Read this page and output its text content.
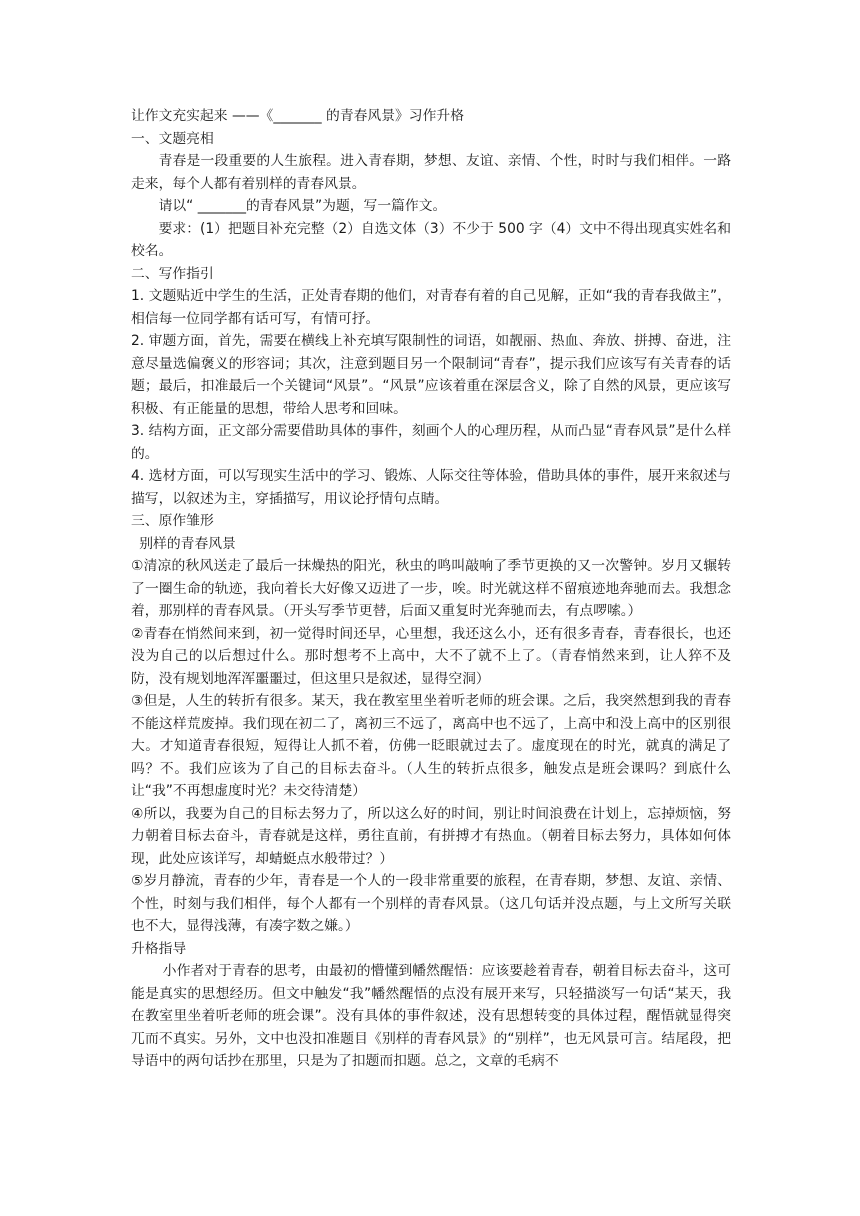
让作文充实起来 ——《_______ 的青春风景》习作升格

一、文题亮相

青春是一段重要的人生旅程。进入青春期，梦想、友谊、亲情、个性，时时与我们相伴。一路走来，每个人都有着别样的青春风景。

请以“ _______的青春风景”为题，写一篇作文。

要求：(1）把题目补充完整（2）自选文体（3）不少于 500 字（4）文中不得出现真实姓名和校名。

二、写作指引

1. 文题贴近中学生的生活，正处青春期的他们，对青春有着的自己见解，正如“我的青春我做主”，相信每一位同学都有话可写，有情可抒。

2. 审题方面，首先，需要在横线上补充填写限制性的词语，如靓丽、热血、奔放、拼搏、奋进，注意尽量选偏褒义的形容词；其次，注意到题目另一个限制词“青春”，提示我们应该写有关青春的话题；最后，扣准最后一个关键词“风景”。“风景”应该着重在深层含义，除了自然的风景，更应该写积极、有正能量的思想，带给人思考和回味。

3. 结构方面，正文部分需要借助具体的事件，刻画个人的心理历程，从而凸显“青春风景”是什么样的。

4. 选材方面，可以写现实生活中的学习、锻炼、人际交往等体验，借助具体的事件，展开来叙述与描写，以叙述为主，穿插描写，用议论抒情句点睛。

三、原作雏形

别样的青春风景

①清凉的秋风送走了最后一抹燥热的阳光，秋虫的鸣叫敲响了季节更换的又一次警钟。岁月又辗转了一圈生命的轨迹，我向着长大好像又迈进了一步，唉。时光就这样不留痕迹地奔驰而去。我想念着，那别样的青春风景。（开头写季节更替，后面又重复时光奔驰而去，有点啰嗦。）

②青春在悄然间来到，初一觉得时间还早，心里想，我还这么小，还有很多青春，青春很长，也还没为自己的以后想过什么。那时想考不上高中，大不了就不上了。（青春悄然来到，让人猝不及防，没有规划地浑浑噩噩过，但这里只是叙述，显得空洞）

③但是，人生的转折有很多。某天，我在教室里坐着听老师的班会课。之后，我突然想到我的青春不能这样荒废掉。我们现在初二了，离初三不远了，离高中也不远了，上高中和没上高中的区别很大。才知道青春很短，短得让人抓不着，仿佛一眨眼就过去了。虚度现在的时光，就真的满足了吗？不。我们应该为了自己的目标去奋斗。（人生的转折点很多，触发点是班会课吗？到底什么让“我”不再想虚度时光？未交待清楚）

④所以，我要为自己的目标去努力了，所以这么好的时间，别让时间浪费在计划上，忘掉烦恼，努力朝着目标去奋斗，青春就是这样，勇往直前，有拼搏才有热血。（朝着目标去努力，具体如何体现，此处应该详写，却蜻蜓点水般带过？）

⑤岁月静流，青春的少年，青春是一个人的一段非常重要的旅程，在青春期，梦想、友谊、亲情、个性，时刻与我们相伴，每个人都有一个别样的青春风景。（这几句话并没点题，与上文所写关联也不大，显得浅薄，有凑字数之嫌。）

升格指导

小作者对于青春的思考，由最初的懵懂到幡然醒悟：应该要趁着青春，朝着目标去奋斗，这可能是真实的思想经历。但文中触发“我”幡然醒悟的点没有展开来写，只轻描淡写一句话“某天，我在教室里坐着听老师的班会课”。没有具体的事件叙述，没有思想转变的具体过程，醒悟就显得突兀而不真实。另外，文中也没扣准题目《别样的青春风景》的“别样”，也无风景可言。结尾段，把导语中的两句话抄在那里，只是为了扣题而扣题。总之，文章的毛病不
